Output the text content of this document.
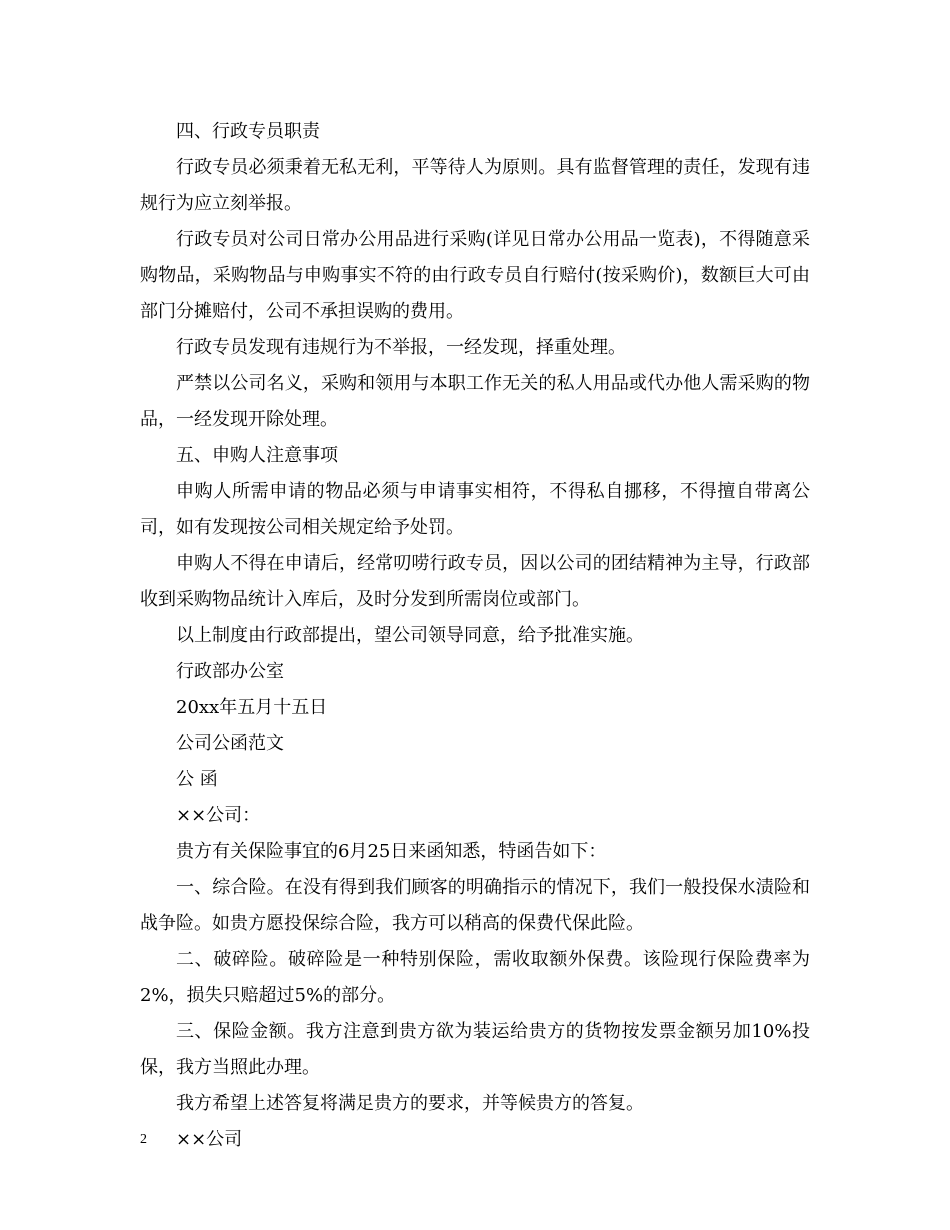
四、行政专员职责

行政专员必须秉着无私无利，平等待人为原则。具有监督管理的责任，发现有违规行为应立刻举报。

行政专员对公司日常办公用品进行采购(详见日常办公用品一览表)，不得随意采购物品，采购物品与申购事实不符的由行政专员自行赔付(按采购价)，数额巨大可由部门分摊赔付，公司不承担误购的费用。

行政专员发现有违规行为不举报，一经发现，择重处理。

严禁以公司名义，采购和领用与本职工作无关的私人用品或代办他人需采购的物品，一经发现开除处理。

五、申购人注意事项

申购人所需申请的物品必须与申请事实相符，不得私自挪移，不得擅自带离公司，如有发现按公司相关规定给予处罚。

申购人不得在申请后，经常叨唠行政专员，因以公司的团结精神为主导，行政部收到采购物品统计入库后，及时分发到所需岗位或部门。

以上制度由行政部提出，望公司领导同意，给予批准实施。

行政部办公室

20xx年五月十五日

公司公函范文

公 函

××公司：

贵方有关保险事宜的6月25日来函知悉，特函告如下：

一、综合险。在没有得到我们顾客的明确指示的情况下，我们一般投保水渍险和战争险。如贵方愿投保综合险，我方可以稍高的保费代保此险。

二、破碎险。破碎险是一种特别保险，需收取额外保费。该险现行保险费率为2%，损失只赔超过5%的部分。

三、保险金额。我方注意到贵方欲为装运给贵方的货物按发票金额另加10%投保，我方当照此办理。

我方希望上述答复将满足贵方的要求，并等候贵方的答复。

××公司

2
